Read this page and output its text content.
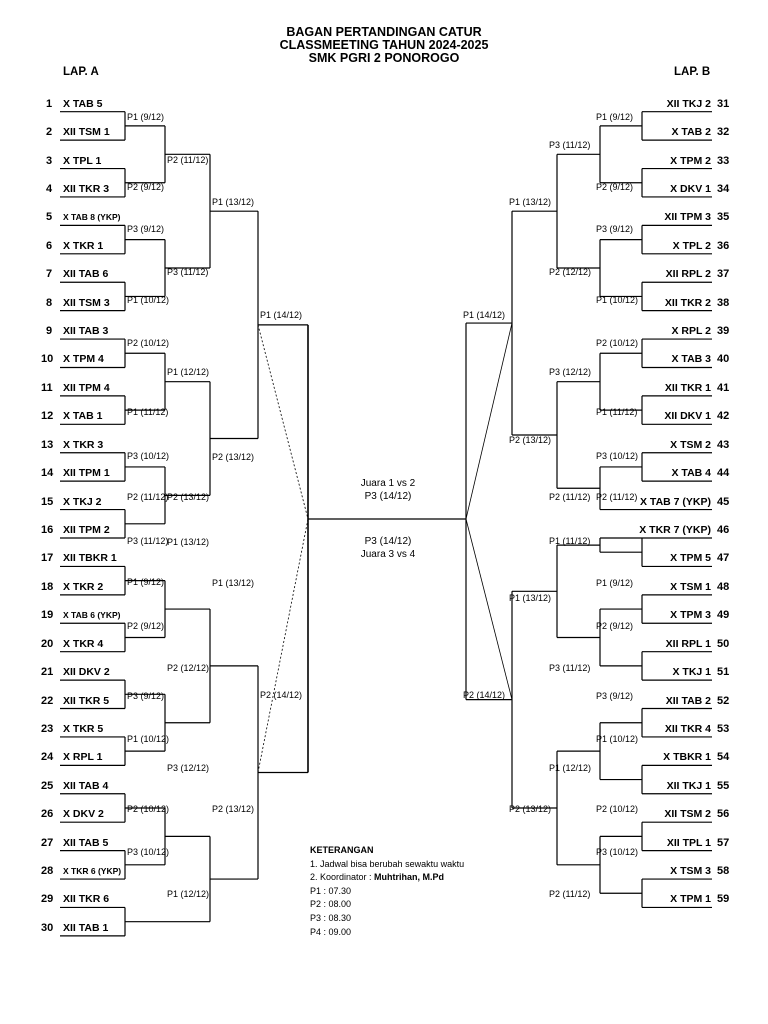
BAGAN PERTANDINGAN CATUR
CLASSMEETING TAHUN 2024-2025
SMK PGRI 2 PONOROGO
LAP. A	LAP. B
1 X TAB 5
2 XII TSM 1
3 X TPL 1
4 XII TKR 3
5 X TAB 8 (YKP)
6 X TKR 1
7 XII TAB 6
8 XII TSM 3
9 XII TAB 3
10 X TPM 4
11 XII TPM 4
12 X TAB 1
13 X TKR 3
14 XII TPM 1
15 X TKJ 2
16 XII TPM 2
17 XII TBKR 1
18 X TKR 2
19 X TAB 6 (YKP)
20 X TKR 4
21 XII DKV 2
22 XII TKR 5
23 X TKR 5
24 X RPL 1
25 XII TAB 4
26 X DKV 2
27 XII TAB 5
28 X TKR 6 (YKP)
29 XII TKR 6
30 XII TAB 1
P1 (9/12)
P2 (9/12)
P3 (9/12)
P1 (10/12)
P2 (10/12)
P1 (11/12)
P3 (10/12)
P2 (11/12)
P3 (11/12)
P1 (9/12)
P2 (9/12)
P3 (9/12)
P1 (10/12)
P2 (10/12)
P3 (10/12)
P2 (11/12)
P3 (11/12)
P1 (12/12)
P2 (13/12)
P1 (13/12)
P2 (12/12)
P3 (12/12)
P1 (12/12)
P1 (13/12)
P2 (13/12)
P1 (13/12)
P2 (13/12)
P1 (14/12)
P2 (14/12)
31
XII TKJ 2
32
X TAB 2
33
X TPM 2
34
X DKV 1
35
XII TPM 3
36
X TPL 2
37
XII RPL 2
38
XII TKR 2
39
X RPL 2
40
X TAB 3
41
XII TKR 1
42
XII DKV 1
43
X TSM 2
44
X TAB 4
45
X TAB 7 (YKP)
46
X TKR 7 (YKP)
47
X TPM 5
48
X TSM 1
49
X TPM 3
50
XII RPL 1
51
X TKJ 1
52
XII TAB 2
53
XII TKR 4
54
X TBKR 1
55
XII TKJ 1
56
XII TSM 2
57
XII TPL 1
58
X TSM 3
59
X TPM 1
P1 (9/12)
P2 (9/12)
P3 (9/12)
P1 (10/12)
P2 (10/12)
P1 (11/12)
P3 (10/12)
P2 (11/12)
P1 (9/12)
P2 (9/12)
P3 (9/12)
P1 (10/12)
P2 (10/12)
P3 (10/12)
P3 (11/12)
P2 (12/12)
P3 (12/12)
P2 (11/12)
P1 (11/12)
P3 (11/12)
P1 (12/12)
P2 (11/12)
P1 (13/12)
P2 (13/12)
P1 (13/12)
P2 (13/12)
P1 (14/12)
P2 (14/12)
Juara 1 vs 2
P3 (14/12)
P3 (14/12)
Juara 3 vs 4
KETERANGAN
1. Jadwal bisa berubah sewaktu waktu
2. Koordinator : Muhtrihan, M.Pd
P1 : 07.30
P2 : 08.00
P3 : 08.30
P4 : 09.00
